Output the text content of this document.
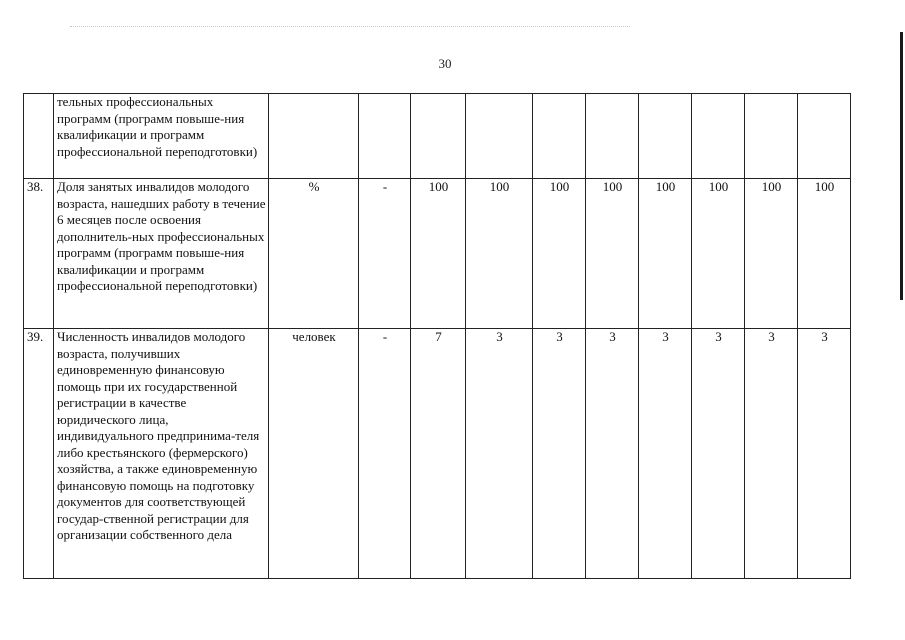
30
	тельных профессиональных программ (программ повыше-ния квалификации и программ профессиональной переподготовки)										
38.	Доля занятых инвалидов молодого возраста, нашедших работу в течение 6 месяцев после освоения дополнитель-ных профессиональных программ (программ повыше-ния квалификации и программ профессиональной переподготовки)	%	-	100	100	100	100	100	100	100	100
39.	Численность инвалидов молодого возраста, получивших единовременную финансовую помощь при их государственной регистрации в качестве юридического лица, индивидуального предпринима-теля либо крестьянского (фермерского) хозяйства, а также единовременную финансовую помощь на подготовку документов для соответствующей государ-ственной регистрации для организации собственного дела	человек	-	7	3	3	3	3	3	3	3
